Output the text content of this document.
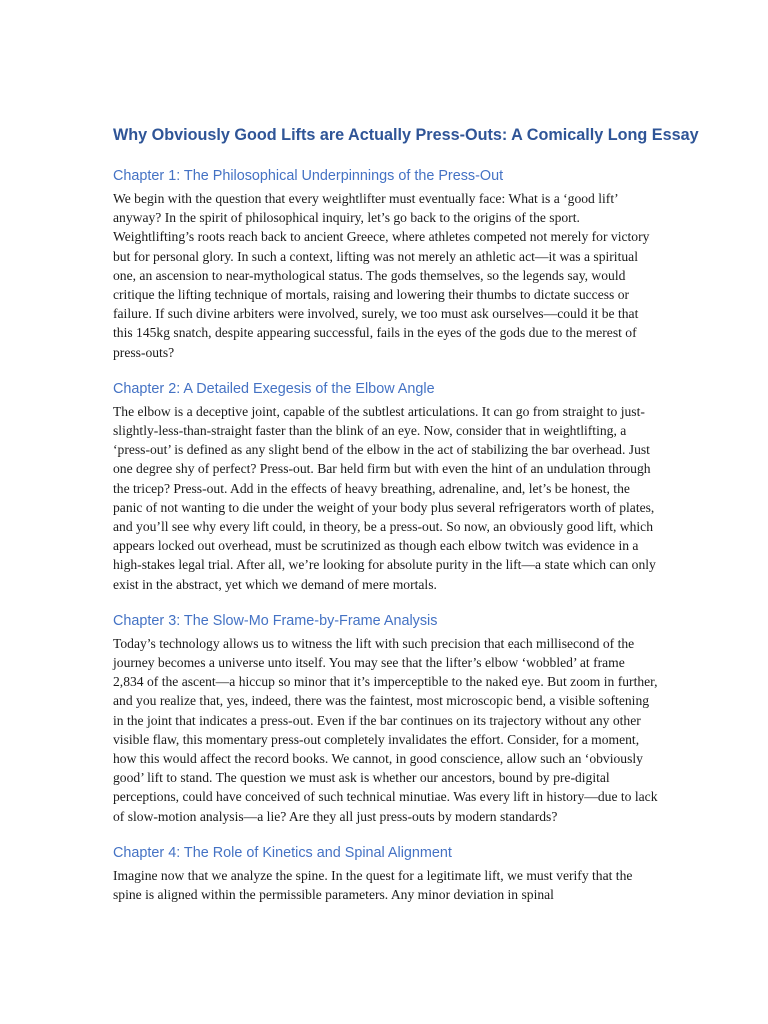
Why Obviously Good Lifts are Actually Press-Outs: A Comically Long Essay
Chapter 1: The Philosophical Underpinnings of the Press-Out

We begin with the question that every weightlifter must eventually face: What is a ‘good lift’ anyway? In the spirit of philosophical inquiry, let’s go back to the origins of the sport. Weightlifting’s roots reach back to ancient Greece, where athletes competed not merely for victory but for personal glory. In such a context, lifting was not merely an athletic act—it was a spiritual one, an ascension to near-mythological status. The gods themselves, so the legends say, would critique the lifting technique of mortals, raising and lowering their thumbs to dictate success or failure. If such divine arbiters were involved, surely, we too must ask ourselves—could it be that this 145kg snatch, despite appearing successful, fails in the eyes of the gods due to the merest of press-outs?

Chapter 2: A Detailed Exegesis of the Elbow Angle

The elbow is a deceptive joint, capable of the subtlest articulations. It can go from straight to just-slightly-less-than-straight faster than the blink of an eye. Now, consider that in weightlifting, a ‘press-out’ is defined as any slight bend of the elbow in the act of stabilizing the bar overhead. Just one degree shy of perfect? Press-out. Bar held firm but with even the hint of an undulation through the tricep? Press-out. Add in the effects of heavy breathing, adrenaline, and, let’s be honest, the panic of not wanting to die under the weight of your body plus several refrigerators worth of plates, and you’ll see why every lift could, in theory, be a press-out. So now, an obviously good lift, which appears locked out overhead, must be scrutinized as though each elbow twitch was evidence in a high-stakes legal trial. After all, we’re looking for absolute purity in the lift—a state which can only exist in the abstract, yet which we demand of mere mortals.

Chapter 3: The Slow-Mo Frame-by-Frame Analysis

Today’s technology allows us to witness the lift with such precision that each millisecond of the journey becomes a universe unto itself. You may see that the lifter’s elbow ‘wobbled’ at frame 2,834 of the ascent—a hiccup so minor that it’s imperceptible to the naked eye. But zoom in further, and you realize that, yes, indeed, there was the faintest, most microscopic bend, a visible softening in the joint that indicates a press-out. Even if the bar continues on its trajectory without any other visible flaw, this momentary press-out completely invalidates the effort. Consider, for a moment, how this would affect the record books. We cannot, in good conscience, allow such an ‘obviously good’ lift to stand. The question we must ask is whether our ancestors, bound by pre-digital perceptions, could have conceived of such technical minutiae. Was every lift in history—due to lack of slow-motion analysis—a lie? Are they all just press-outs by modern standards?

Chapter 4: The Role of Kinetics and Spinal Alignment

Imagine now that we analyze the spine. In the quest for a legitimate lift, we must verify that the spine is aligned within the permissible parameters. Any minor deviation in spinal
